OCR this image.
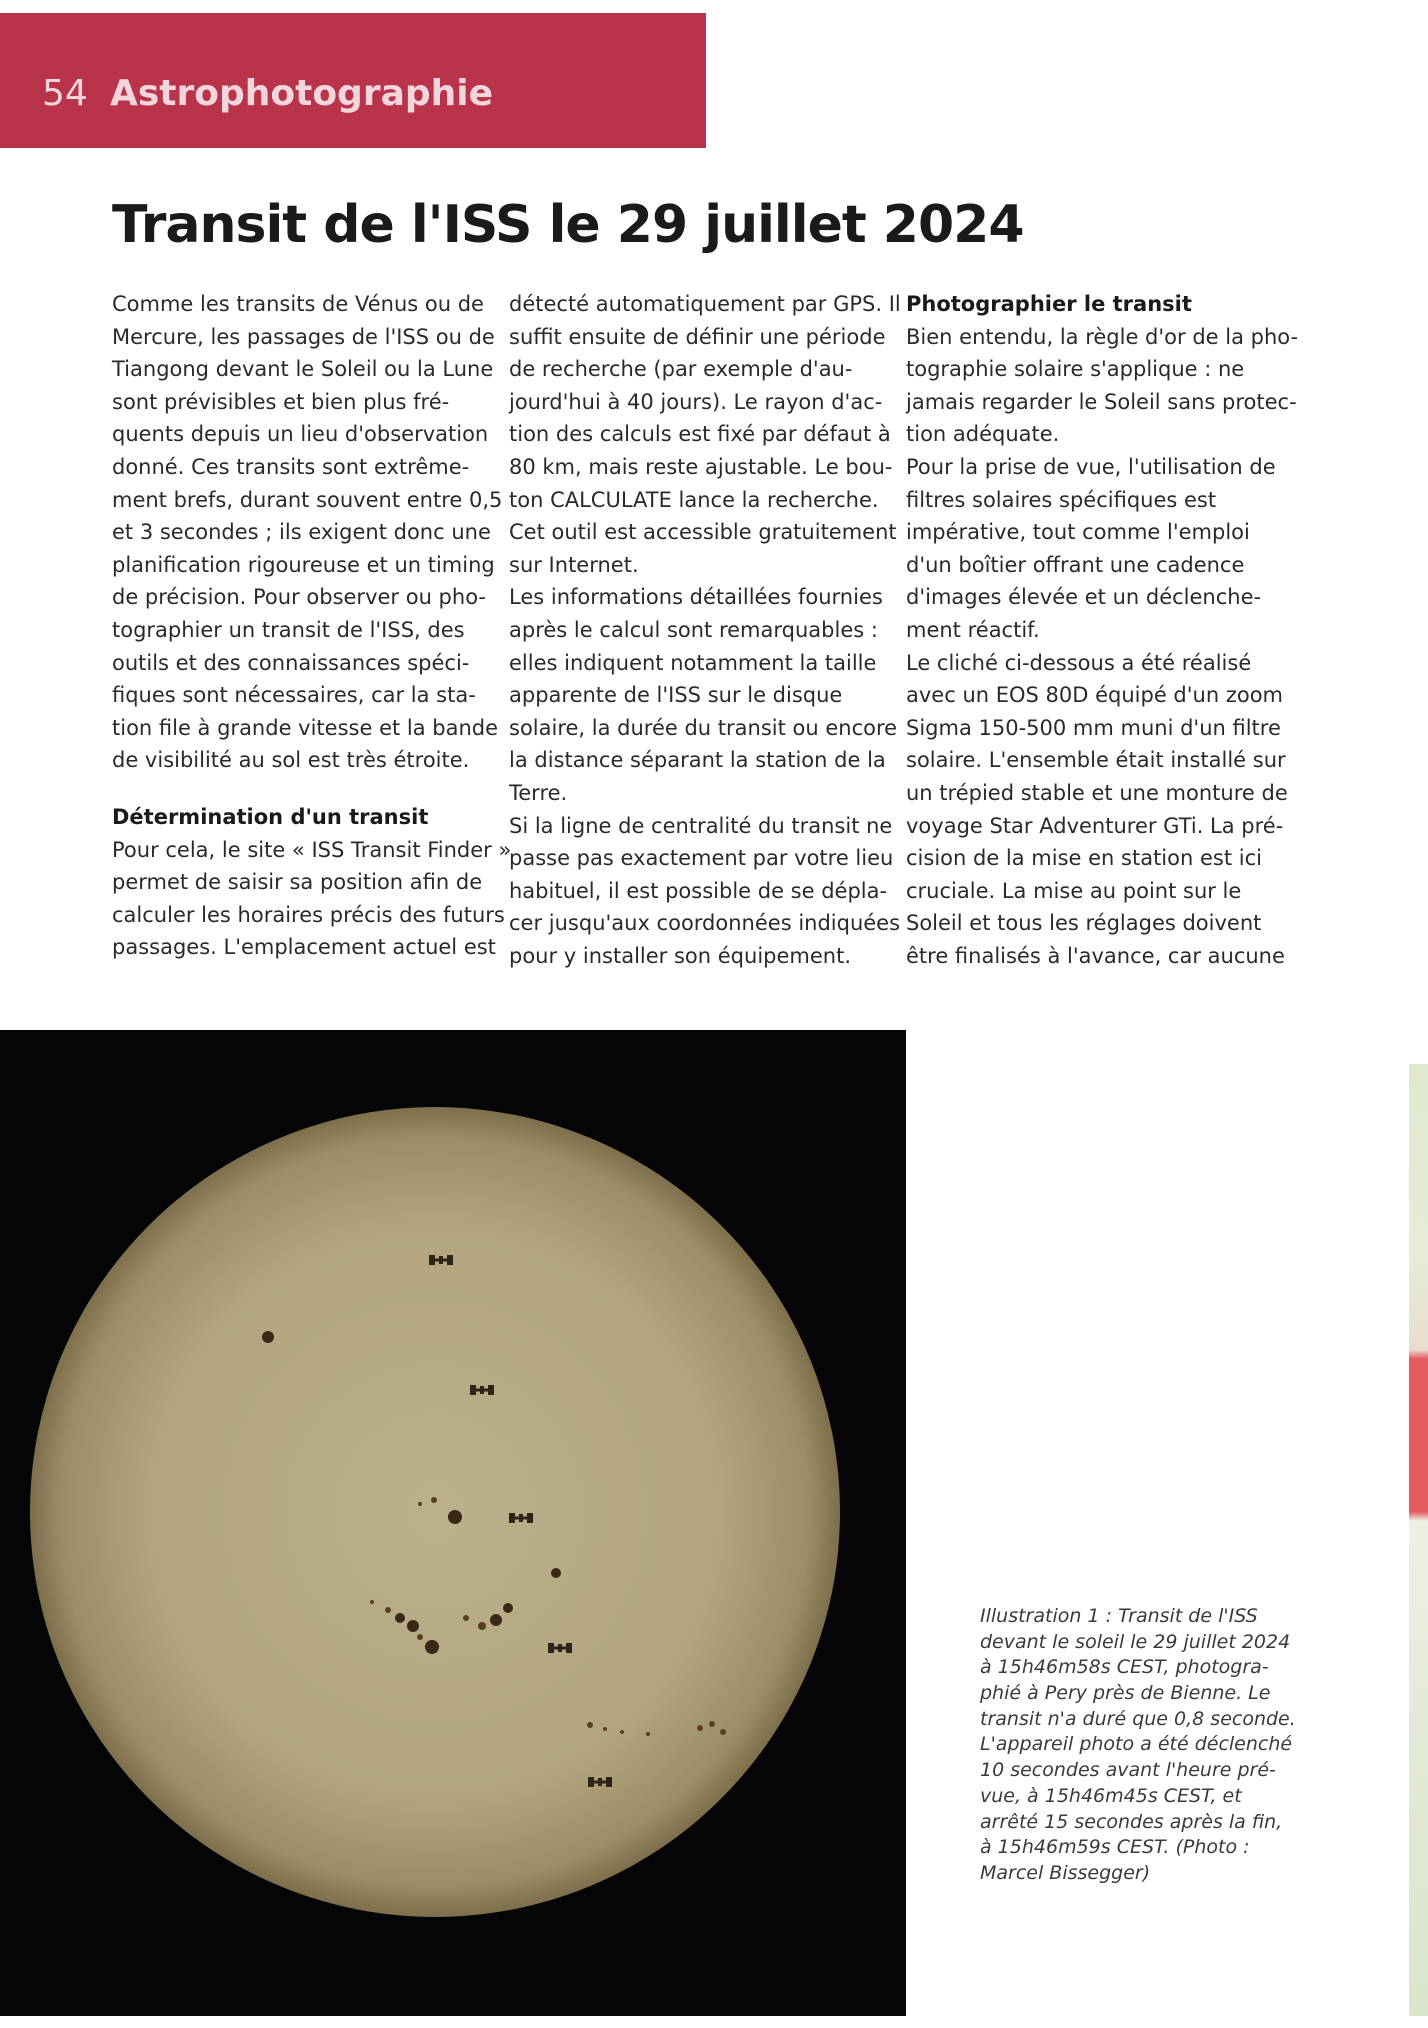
54 Astrophotographie
Transit de l'ISS le 29 juillet 2024
Comme les transits de Vénus ou de
Mercure, les passages de l'ISS ou de
Tiangong devant le Soleil ou la Lune
sont prévisibles et bien plus fré-
quents depuis un lieu d'observation
donné. Ces transits sont extrême-
ment brefs, durant souvent entre 0,5
et 3 secondes ; ils exigent donc une
planification rigoureuse et un timing
de précision. Pour observer ou pho-
tographier un transit de l'ISS, des
outils et des connaissances spéci-
fiques sont nécessaires, car la sta-
tion file à grande vitesse et la bande
de visibilité au sol est très étroite.
Détermination d'un transit
Pour cela, le site « ISS Transit Finder »
permet de saisir sa position afin de
calculer les horaires précis des futurs
passages. L'emplacement actuel est
détecté automatiquement par GPS. Il
suffit ensuite de définir une période
de recherche (par exemple d'au-
jourd'hui à 40 jours). Le rayon d'ac-
tion des calculs est fixé par défaut à
80 km, mais reste ajustable. Le bou-
ton CALCULATE lance la recherche.
Cet outil est accessible gratuitement
sur Internet.
Les informations détaillées fournies
après le calcul sont remarquables :
elles indiquent notamment la taille
apparente de l'ISS sur le disque
solaire, la durée du transit ou encore
la distance séparant la station de la
Terre.
Si la ligne de centralité du transit ne
passe pas exactement par votre lieu
habituel, il est possible de se dépla-
cer jusqu'aux coordonnées indiquées
pour y installer son équipement.
Photographier le transit
Bien entendu, la règle d'or de la pho-
tographie solaire s'applique : ne
jamais regarder le Soleil sans protec-
tion adéquate.
Pour la prise de vue, l'utilisation de
filtres solaires spécifiques est
impérative, tout comme l'emploi
d'un boîtier offrant une cadence
d'images élevée et un déclenche-
ment réactif.
Le cliché ci-dessous a été réalisé
avec un EOS 80D équipé d'un zoom
Sigma 150-500 mm muni d'un filtre
solaire. L'ensemble était installé sur
un trépied stable et une monture de
voyage Star Adventurer GTi. La pré-
cision de la mise en station est ici
cruciale. La mise au point sur le
Soleil et tous les réglages doivent
être finalisés à l'avance, car aucune
Illustration 1 : Transit de l'ISS
devant le soleil le 29 juillet 2024
à 15h46m58s CEST, photogra-
phié à Pery près de Bienne. Le
transit n'a duré que 0,8 seconde.
L'appareil photo a été déclenché
10 secondes avant l'heure pré-
vue, à 15h46m45s CEST, et
arrêté 15 secondes après la fin,
à 15h46m59s CEST. (Photo :
Marcel Bissegger)
